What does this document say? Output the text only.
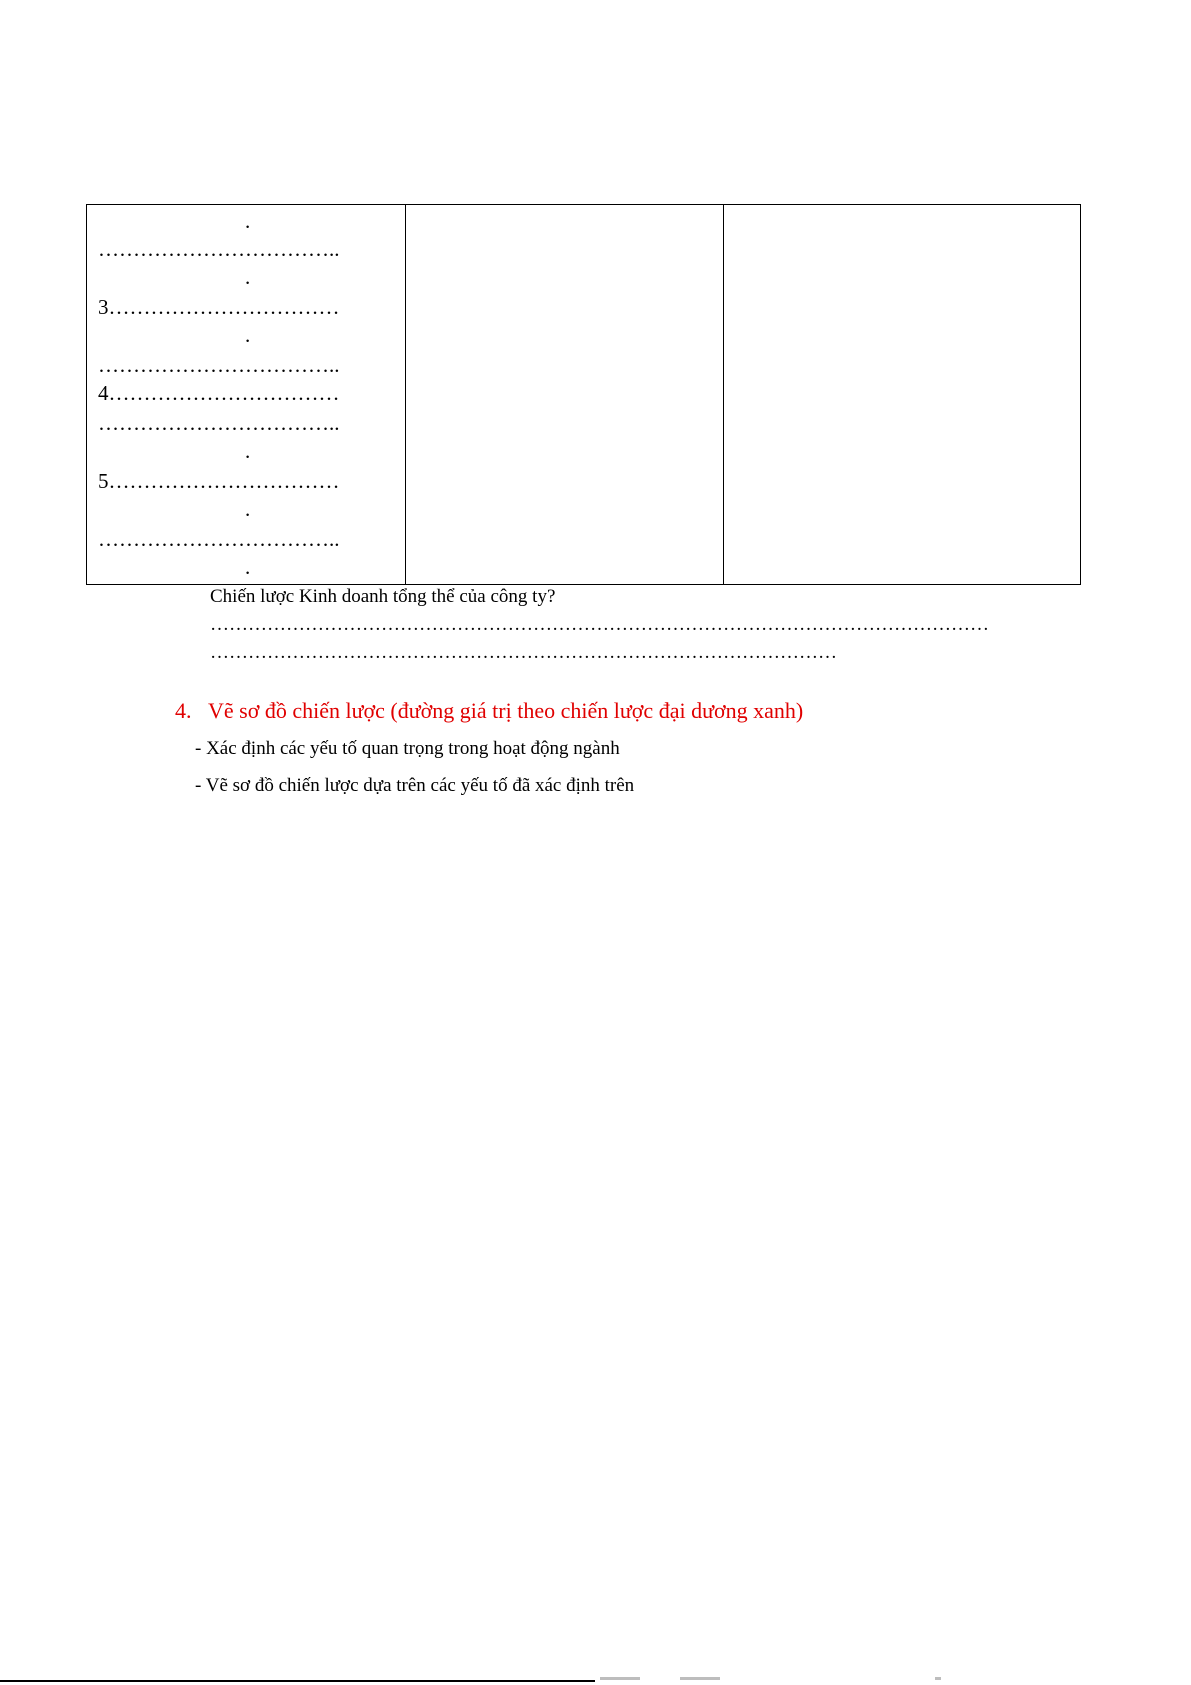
.
……………………………..
.
3……………………………
.
……………………………..
4……………………………
……………………………..
.
5……………………………
.
……………………………..
.
Chiến lược Kinh doanh tổng thể của công ty?
……………………………………………………………………………………………………………
………………………………………………………………………………………
4. Vẽ sơ đồ chiến lược (đường giá trị theo chiến lược đại dương xanh)
- Xác định các yếu tố quan trọng trong hoạt động ngành
- Vẽ sơ đồ chiến lược dựa trên các yếu tố đã xác định trên
